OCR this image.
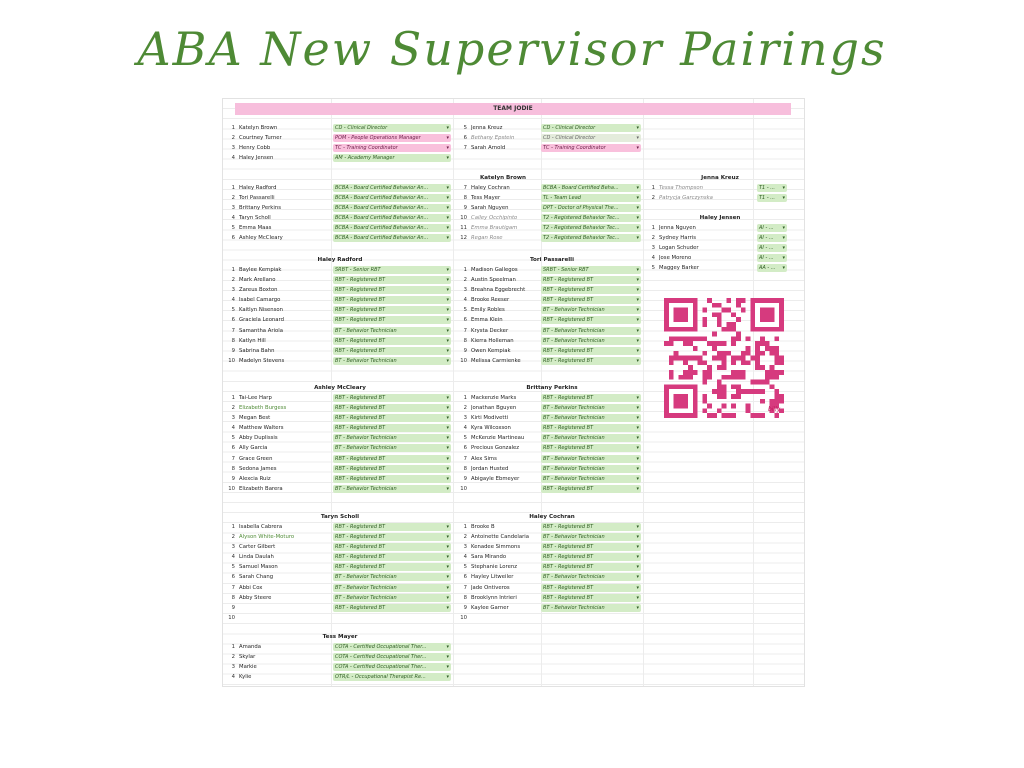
ABA New Supervisor Pairings
TEAM JODIE
Katelyn Brown
1 Katelyn Brown	CD - Clinical Director	▾
2 Courtney Turner	POM - People Operations Manager	▾
3 Henry Cobb	TC - Training Coordinator	▾
4 Haley Jensen	AM - Academy Manager	▾
5 Jenna Kreuz	CD - Clinical Director	▾
6 Bethany Epstein	CD - Clinical Director	▾
7 Sarah Arnold	TC - Training Coordinator	▾
1 Haley Radford	BCBA - Board Certified Behavior An...	▾
2 Tori Passarelli	BCBA - Board Certified Behavior An...	▾
3 Brittany Perkins	BCBA - Board Certified Behavior An...	▾
4 Taryn Scholl	BCBA - Board Certified Behavior An...	▾
5 Emma Maas	BCBA - Board Certified Behavior An...	▾
6 Ashley McCleary	BCBA - Board Certified Behavior An...	▾
7 Haley Cochran	BCBA - Board Certified Beha...	▾
8 Tess Mayer	TL - Team Lead	▾
9 Sarah Nguyen	DPT - Doctor of Physical The...	▾
10 Cailey Occhipinto	T2 - Registered Behavior Tec...	▾
11 Emma Brautigam	T2 - Registered Behavior Tec...	▾
12 Regan Rose	T2 - Registered Behavior Tec...	▾
Jenna Kreuz
1 Tessa Thompson	T1 - ... ▾
2 Patrycja Garczynska	T1 - ... ▾
Haley Jensen
1 Jenna Nguyen	AI - ... ▾
2 Sydney Harris	AI - ... ▾
3 Logan Schuder	AI - ... ▾
4 Jose Moreno	AI - ... ▾
5 Maggey Barker	AA - ... ▾
Haley Radford
1 Baylee Kempiak	SRBT - Senior RBT	▾
2 Mark Arellano	RBT - Registered BT	▾
3 Zareus Boxton	RBT - Registered BT	▾
4 Isabel Camargo	RBT - Registered BT	▾
5 Kaitlyn Nisenson	RBT - Registered BT	▾
6 Graciela Leonard	RBT - Registered BT	▾
7 Samantha Ariola	BT - Behavior Technician	▾
8 Katlyn Hill	RBT - Registered BT	▾
9 Sabrina Bahn	RBT - Registered BT	▾
10 Madelyn Stevens	BT - Behavior Technician	▾
Tori Passarelli
1 Madison Gallegos	SRBT - Senior RBT	▾
2 Austin Speelman	RBT - Registered BT	▾
3 Breahna Eggebrecht	RBT - Registered BT	▾
4 Brooke Reeser	RBT - Registered BT	▾
5 Emily Robles	BT - Behavior Technician	▾
6 Emma Klein	RBT - Registered BT	▾
7 Krysta Decker	BT - Behavior Technician	▾
8 Kierra Holleman	BT - Behavior Technician	▾
9 Owen Kempiak	RBT - Registered BT	▾
10 Melissa Carmienke	RBT - Registered BT	▾
Ashley McCleary
1 Tai-Lee Harp	RBT - Registered BT	▾
2 Elizabeth Burgess	RBT - Registered BT	▾
3 Megan Best	RBT - Registered BT	▾
4 Matthew Walters	RBT - Registered BT	▾
5 Abby Duplissis	BT - Behavior Technician	▾
6 Ally Garcia	BT - Behavior Technician	▾
7 Grace Green	RBT - Registered BT	▾
8 Sedona James	RBT - Registered BT	▾
9 Alexcia Ruiz	RBT - Registered BT	▾
10 Elizabeth Barera	BT - Behavior Technician	▾
Brittany Perkins
1 Mackenzie Marks	RBT - Registered BT	▾
2 Jonathan Bguyen	BT - Behavior Technician	▾
3 Kirti Modivetti	BT - Behavior Technician	▾
4 Kyra Wilcoxson	RBT - Registered BT	▾
5 McKenzie Martineau	BT - Behavior Technician	▾
6 Precious Gonzalez	RBT - Registered BT	▾
7 Alex Sims	BT - Behavior Technician	▾
8 Jordan Husted	BT - Behavior Technician	▾
9 Abigayle Ebmeyer	BT - Behavior Technician	▾
10	RBT - Registered BT	▾
Taryn Scholl
1 Isabella Cabrera	RBT - Registered BT	▾
2 Alyson White-Moturo	RBT - Registered BT	▾
3 Carter Gilbert	RBT - Registered BT	▾
4 Linda Daulah	RBT - Registered BT	▾
5 Samuel Mason	RBT - Registered BT	▾
6 Sarah Chang	BT - Behavior Technician	▾
7 Abbi Cox	BT - Behavior Technician	▾
8 Abby Steere	BT - Behavior Technician	▾
9	RBT - Registered BT	▾
10
Haley Cochran
1 Brooke B	RBT - Registered BT	▾
2 Antoinette Candelaria	BT - Behavior Technician	▾
3 Kenadee Simmons	RBT - Registered BT	▾
4 Sara Mirando	RBT - Registered BT	▾
5 Stephanie Lorenz	RBT - Registered BT	▾
6 Hayley Litweiler	BT - Behavior Technician	▾
7 Jade Ontiveros	RBT - Registered BT	▾
8 Brooklynn Intrieri	RBT - Registered BT	▾
9 Kaylee Garner	BT - Behavior Technician	▾
10
Tess Mayer
1 Amanda	COTA - Certified Occupational Ther...	▾
2 Skylar	COTA - Certified Occupational Ther...	▾
3 Markie	COTA - Certified Occupational Ther...	▾
4 Kylie	OTR/L - Occupational Therapist Re...	▾
billy
